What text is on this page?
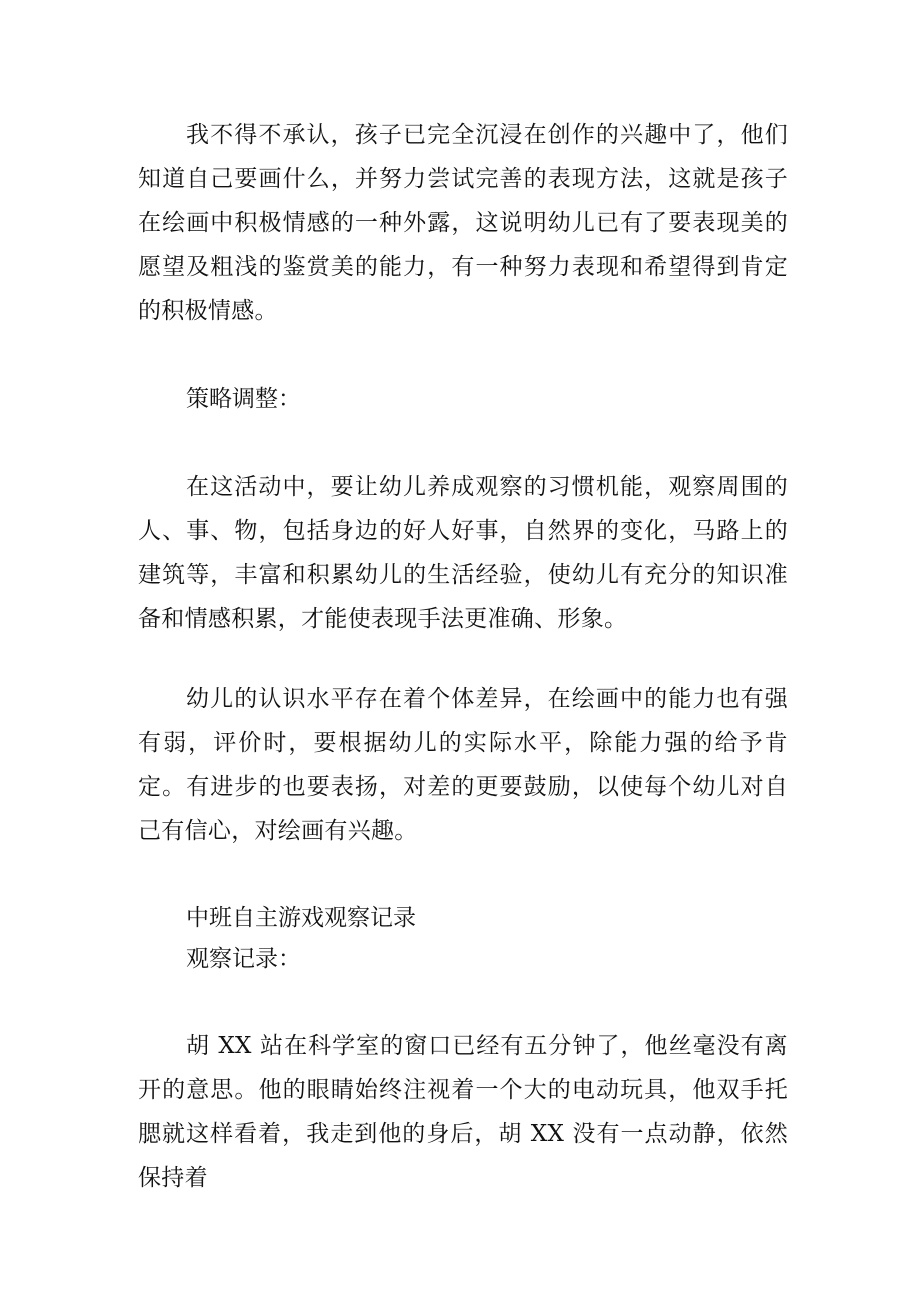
我不得不承认，孩子已完全沉浸在创作的兴趣中了，他们知道自己要画什么，并努力尝试完善的表现方法，这就是孩子在绘画中积极情感的一种外露，这说明幼儿已有了要表现美的愿望及粗浅的鉴赏美的能力，有一种努力表现和希望得到肯定的积极情感。

策略调整：

在这活动中，要让幼儿养成观察的习惯机能，观察周围的人、事、物，包括身边的好人好事，自然界的变化，马路上的建筑等，丰富和积累幼儿的生活经验，使幼儿有充分的知识准备和情感积累，才能使表现手法更准确、形象。

幼儿的认识水平存在着个体差异，在绘画中的能力也有强有弱，评价时，要根据幼儿的实际水平，除能力强的给予肯定。有进步的也要表扬，对差的更要鼓励，以使每个幼儿对自己有信心，对绘画有兴趣。

中班自主游戏观察记录

观察记录：

胡 XX 站在科学室的窗口已经有五分钟了，他丝毫没有离开的意思。他的眼睛始终注视着一个大的电动玩具，他双手托腮就这样看着，我走到他的身后，胡 XX 没有一点动静，依然保持着
